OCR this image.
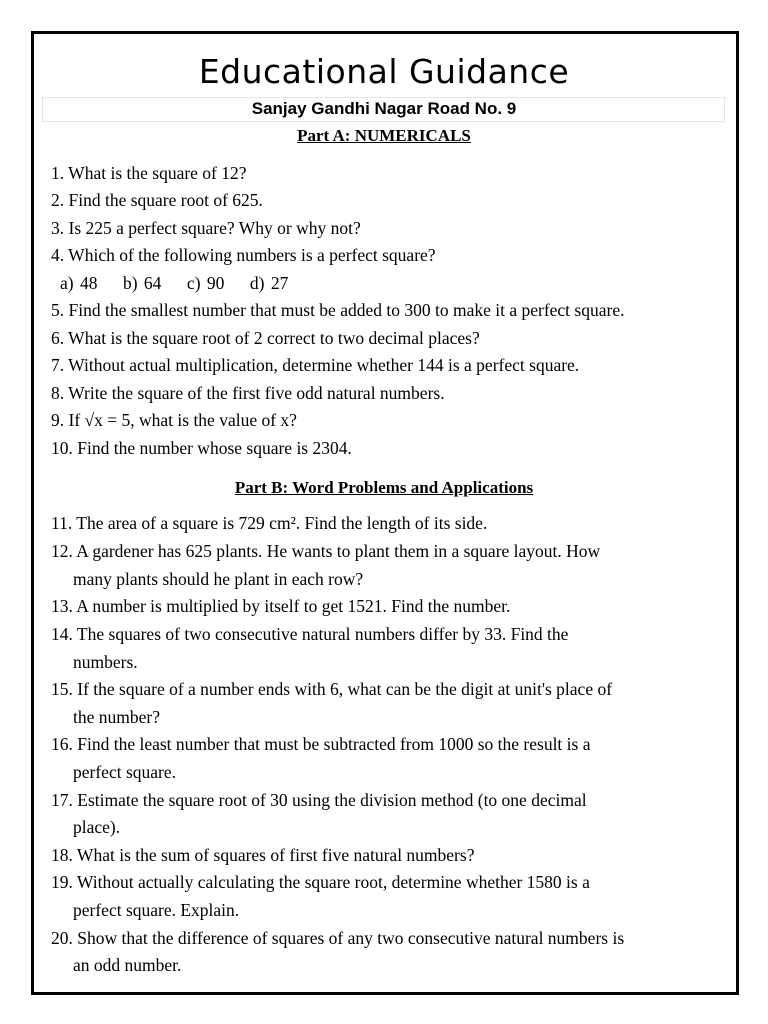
Educational Guidance
Sanjay Gandhi Nagar Road No. 9
Part A: NUMERICALS
1. What is the square of 12?
2. Find the square root of 625.
3. Is 225 a perfect square? Why or why not?
4. Which of the following numbers is a perfect square?
a) 48    b) 64    c) 90    d) 27
5. Find the smallest number that must be added to 300 to make it a perfect square.
6. What is the square root of 2 correct to two decimal places?
7. Without actual multiplication, determine whether 144 is a perfect square.
8. Write the square of the first five odd natural numbers.
9. If √x = 5, what is the value of x?
10. Find the number whose square is 2304.
Part B: Word Problems and Applications
11. The area of a square is 729 cm². Find the length of its side.
12. A gardener has 625 plants. He wants to plant them in a square layout. How
many plants should he plant in each row?
13. A number is multiplied by itself to get 1521. Find the number.
14. The squares of two consecutive natural numbers differ by 33. Find the
numbers.
15. If the square of a number ends with 6, what can be the digit at unit's place of
the number?
16. Find the least number that must be subtracted from 1000 so the result is a
perfect square.
17. Estimate the square root of 30 using the division method (to one decimal
place).
18. What is the sum of squares of first five natural numbers?
19. Without actually calculating the square root, determine whether 1580 is a
perfect square. Explain.
20. Show that the difference of squares of any two consecutive natural numbers is
an odd number.
